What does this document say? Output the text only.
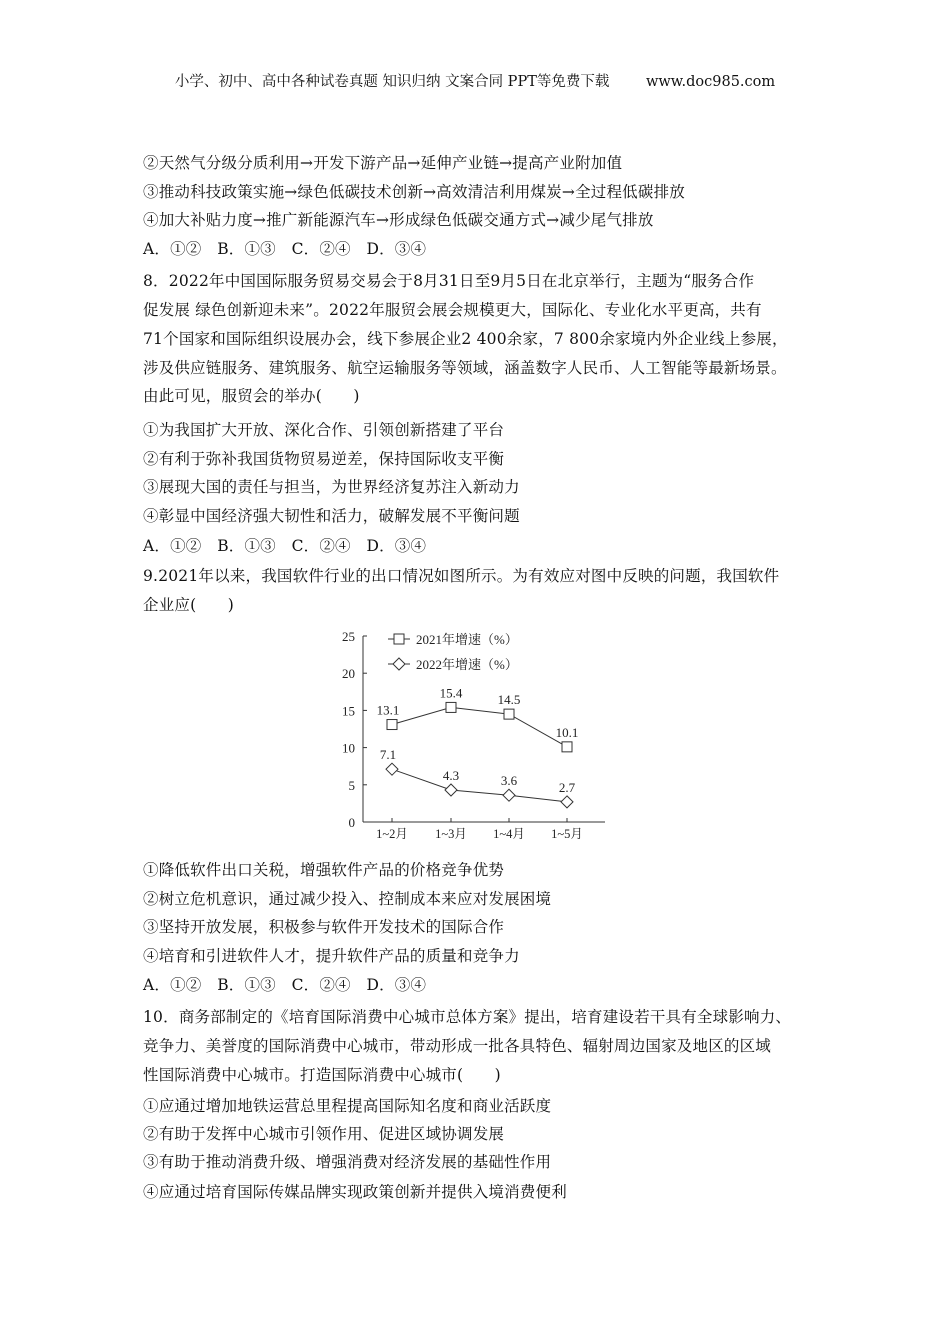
小学、初中、高中各种试卷真题 知识归纳 文案合同 PPT等免费下载	www.doc985.com
②天然气分级分质利用→开发下游产品→延伸产业链→提高产业附加值
③推动科技政策实施→绿色低碳技术创新→高效清洁利用煤炭→全过程低碳排放
④加大补贴力度→推广新能源汽车→形成绿色低碳交通方式→减少尾气排放
A．①②　B．①③　C．②④　D．③④
8．2022年中国国际服务贸易交易会于8月31日至9月5日在北京举行，主题为“服务合作
促发展 绿色创新迎未来”。2022年服贸会展会规模更大，国际化、专业化水平更高，共有
71个国家和国际组织设展办会，线下参展企业2 400余家，7 800余家境内外企业线上参展，
涉及供应链服务、建筑服务、航空运输服务等领域，涵盖数字人民币、人工智能等最新场景。
由此可见，服贸会的举办(　　)
①为我国扩大开放、深化合作、引领创新搭建了平台
②有利于弥补我国货物贸易逆差，保持国际收支平衡
③展现大国的责任与担当，为世界经济复苏注入新动力
④彰显中国经济强大韧性和活力，破解发展不平衡问题
A．①②　B．①③　C．②④　D．③④
9.2021年以来，我国软件行业的出口情况如图所示。为有效应对图中反映的问题，我国软件
企业应(　　)
①降低软件出口关税，增强软件产品的价格竞争优势
②树立危机意识，通过减少投入、控制成本来应对发展困境
③坚持开放发展，积极参与软件开发技术的国际合作
④培育和引进软件人才，提升软件产品的质量和竞争力
A．①②　B．①③　C．②④　D．③④
10．商务部制定的《培育国际消费中心城市总体方案》提出，培育建设若干具有全球影响力、
竞争力、美誉度的国际消费中心城市，带动形成一批各具特色、辐射周边国家及地区的区域
性国际消费中心城市。打造国际消费中心城市(　　)
①应通过增加地铁运营总里程提高国际知名度和商业活跃度
②有助于发挥中心城市引领作用、促进区域协调发展
③有助于推动消费升级、增强消费对经济发展的基础性作用
④应通过培育国际传媒品牌实现政策创新并提供入境消费便利
0
5
10
15
20
25
1~2月 1~3月 1~4月 1~5月
13.1
15.4	14.5
10.1
2021年增速（%）
7.1
4.3	3.6	2.7
2022年增速（%）
